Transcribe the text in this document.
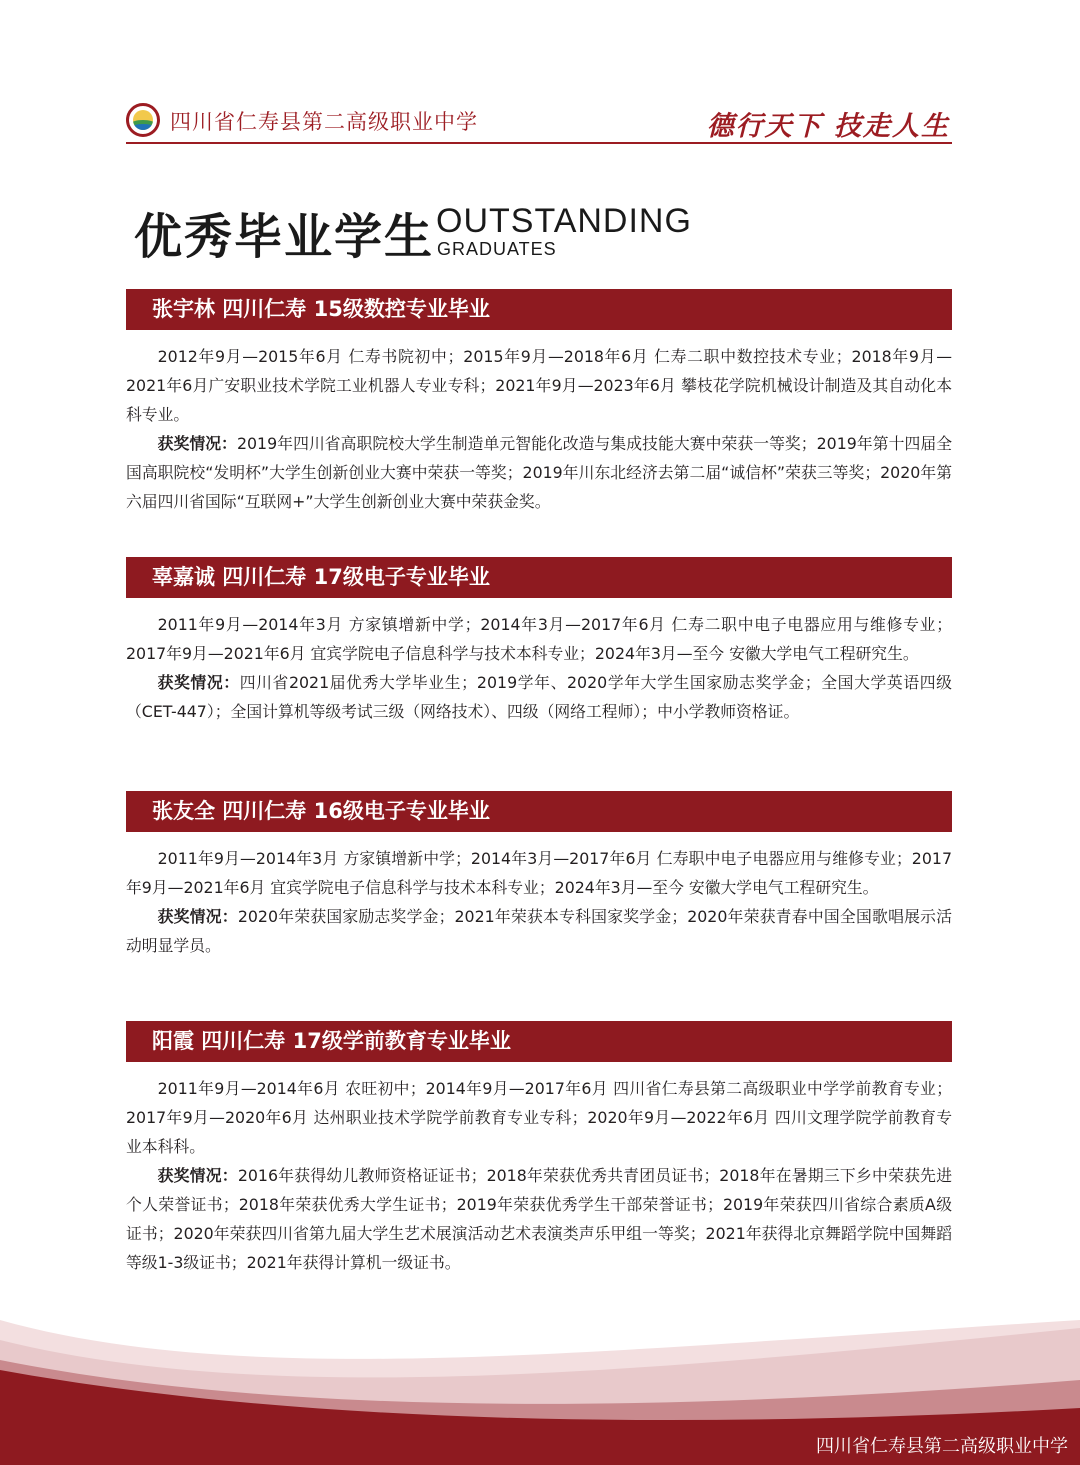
四川省仁寿县第二高级职业中学	德行天下 技走人生
优秀毕业学生 OUTSTANDING
GRADUATES
张宇林 四川仁寿 15级数控专业毕业

2012年9月—2015年6月 仁寿书院初中；2015年9月—2018年6月 仁寿二职中数控技术专业；2018年9月—2021年6月广安职业技术学院工业机器人专业专科；2021年9月—2023年6月 攀枝花学院机械设计制造及其自动化本科专业。

获奖情况：2019年四川省高职院校大学生制造单元智能化改造与集成技能大赛中荣获一等奖；2019年第十四届全国高职院校“发明杯”大学生创新创业大赛中荣获一等奖；2019年川东北经济去第二届“诚信杯”荣获三等奖；2020年第六届四川省国际“互联网+”大学生创新创业大赛中荣获金奖。

辜嘉诚 四川仁寿 17级电子专业毕业

2011年9月—2014年3月 方家镇增新中学；2014年3月—2017年6月 仁寿二职中电子电器应用与维修专业；2017年9月—2021年6月 宜宾学院电子信息科学与技术本科专业；2024年3月—至今 安徽大学电气工程研究生。

获奖情况：四川省2021届优秀大学毕业生；2019学年、2020学年大学生国家励志奖学金；全国大学英语四级（CET-447）；全国计算机等级考试三级（网络技术）、四级（网络工程师）；中小学教师资格证。

张友全 四川仁寿 16级电子专业毕业

2011年9月—2014年3月 方家镇增新中学；2014年3月—2017年6月 仁寿职中电子电器应用与维修专业；2017年9月—2021年6月 宜宾学院电子信息科学与技术本科专业；2024年3月—至今 安徽大学电气工程研究生。

获奖情况：2020年荣获国家励志奖学金；2021年荣获本专科国家奖学金；2020年荣获青春中国全国歌唱展示活动明显学员。

阳霞 四川仁寿 17级学前教育专业毕业

2011年9月—2014年6月 农旺初中；2014年9月—2017年6月 四川省仁寿县第二高级职业中学学前教育专业；2017年9月—2020年6月 达州职业技术学院学前教育专业专科；2020年9月—2022年6月 四川文理学院学前教育专业本科科。

获奖情况：2016年获得幼儿教师资格证证书；2018年荣获优秀共青团员证书；2018年在暑期三下乡中荣获先进个人荣誉证书；2018年荣获优秀大学生证书；2019年荣获优秀学生干部荣誉证书；2019年荣获四川省综合素质A级证书；2020年荣获四川省第九届大学生艺术展演活动艺术表演类声乐甲组一等奖；2021年获得北京舞蹈学院中国舞蹈等级1-3级证书；2021年获得计算机一级证书。

四川省仁寿县第二高级职业中学
